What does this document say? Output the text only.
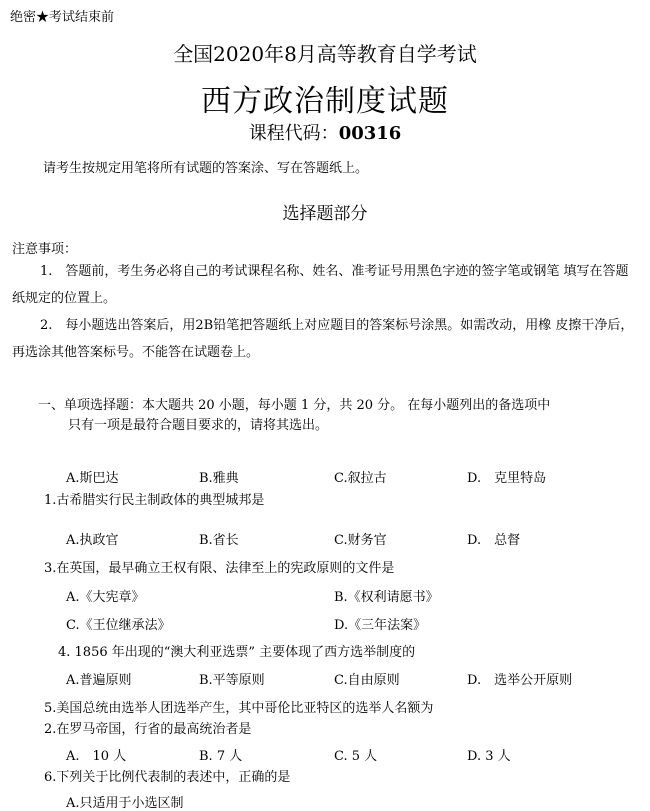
绝密★考试结束前
全国2020年8月高等教育自学考试
西方政治制度试题
课程代码：00316
请考生按规定用笔将所有试题的答案涂、写在答题纸上。
选择题部分
注意事项：
1.　答题前，考生务必将自己的考试课程名称、姓名、准考证号用黑色字迹的签字笔或钢笔 填写在答题纸规定的位置上。
2.　每小题选出答案后，用2B铅笔把答题纸上对应题目的答案标号涂黑。如需改动，用橡 皮擦干净后，再选涂其他答案标号。不能答在试题卷上。
一、单项选择题：本大题共 20 小题，每小题 1 分，共 20 分。 在每小题列出的备选项中
只有一项是最符合题目要求的，请将其选出。
A.斯巴达	B.雅典	C.叙拉古	D.　克里特岛
1.古希腊实行民主制政体的典型城邦是
A.执政官	B.省长	C.财务官	D.　总督
3.在英国，最早确立王权有限、法律至上的宪政原则的文件是
A.《大宪章》	B.《权利请愿书》
C.《王位继承法》	D.《三年法案》
4. 1856 年出现的“澳大利亚选票” 主要体现了西方选举制度的
A.普遍原则	B.平等原则	C.自由原则	D.　选举公开原则
5.美国总统由选举人团选举产生，其中哥伦比亚特区的选举人名额为
2.在罗马帝国，行省的最高统治者是
A.　10 人	B. 7 人	C. 5 人	D. 3 人
6.下列关于比例代表制的表述中，正确的是
A.只适用于小选区制
